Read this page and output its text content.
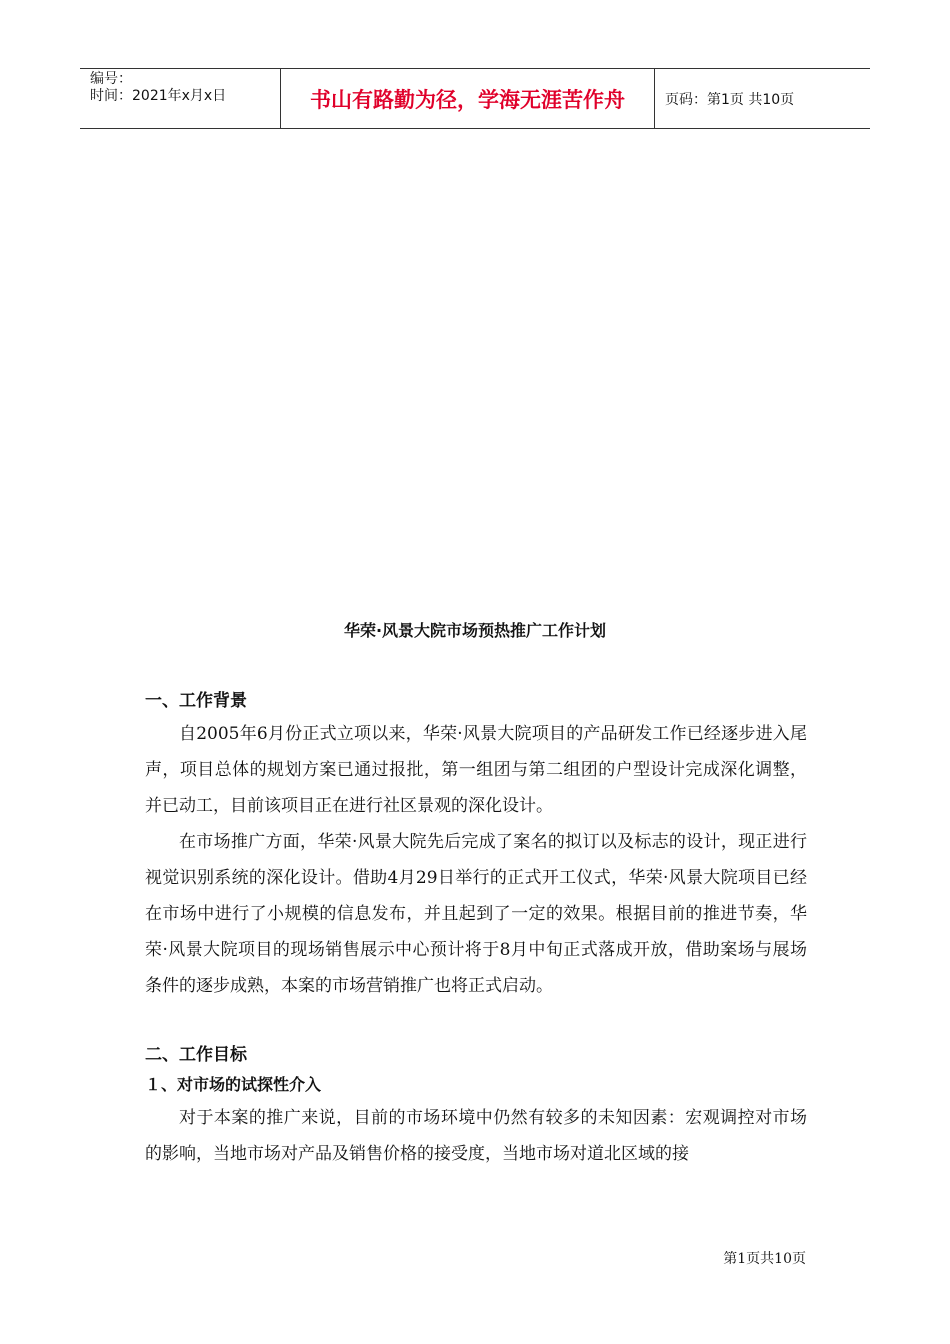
编号：
时间：2021年x月x日	书山有路勤为径，学海无涯苦作舟	页码：第1页 共10页
华荣·风景大院市场预热推广工作计划
一、工作背景

自2005年6月份正式立项以来，华荣·风景大院项目的产品研发工作已经逐步进入尾声，项目总体的规划方案已通过报批，第一组团与第二组团的户型设计完成深化调整，并已动工，目前该项目正在进行社区景观的深化设计。

在市场推广方面，华荣·风景大院先后完成了案名的拟订以及标志的设计，现正进行视觉识别系统的深化设计。借助4月29日举行的正式开工仪式，华荣·风景大院项目已经在市场中进行了小规模的信息发布，并且起到了一定的效果。根据目前的推进节奏，华荣·风景大院项目的现场销售展示中心预计将于8月中旬正式落成开放，借助案场与展场条件的逐步成熟，本案的市场营销推广也将正式启动。

二、工作目标
１、对市场的试探性介入

对于本案的推广来说，目前的市场环境中仍然有较多的未知因素：宏观调控对市场的影响，当地市场对产品及销售价格的接受度，当地市场对道北区域的接

第1页共10页
